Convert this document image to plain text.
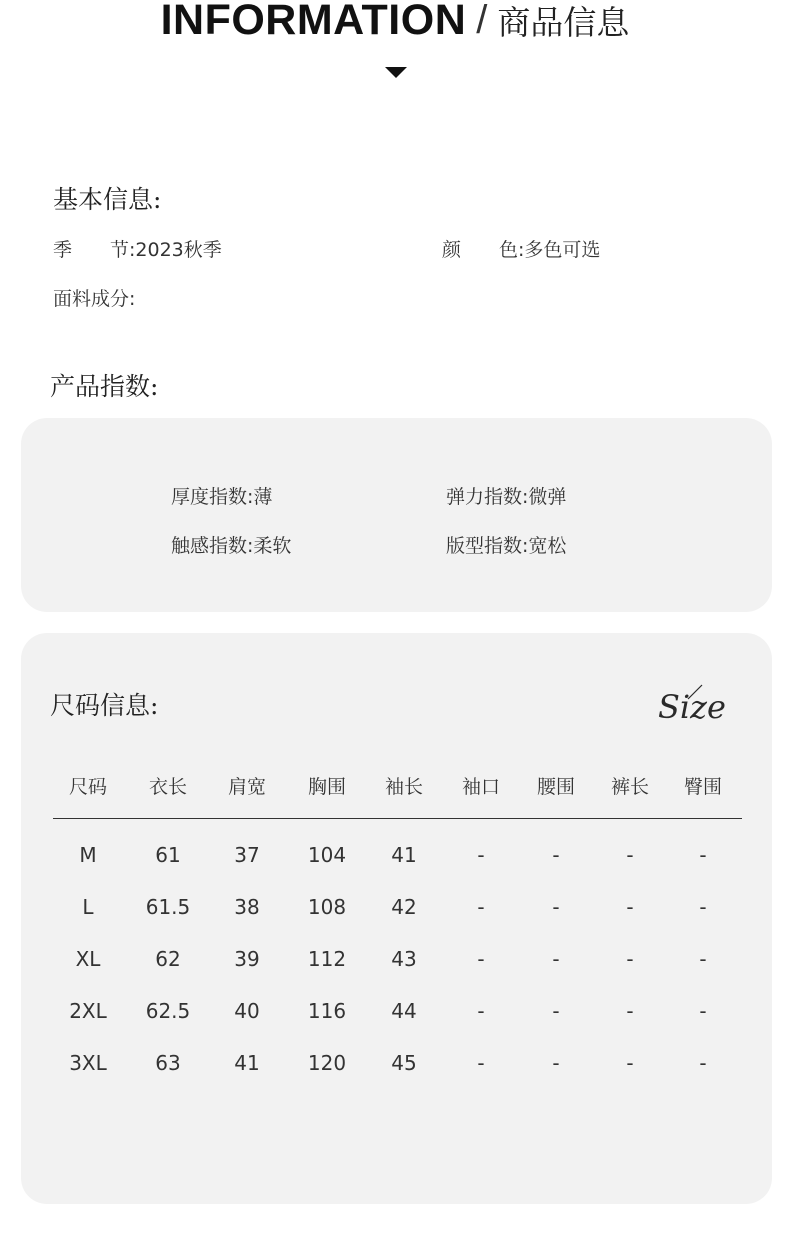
INFORMATION / 商品信息
基本信息:
季　　节:2023秋季	颜　　色:多色可选
面料成分:
产品指数:
厚度指数:薄	弹力指数:微弹
触感指数:柔软	版型指数:宽松
尺码信息:	Size
尺码 衣长 肩宽 胸围 袖长 袖口 腰围 裤长 臀围
M	61	37 104 41	-	-	-	-
L	61.5 38 108 42	-	-	-	-
XL	62	39 112 43	-	-	-	-
2XL 62.5 40 116 44	-	-	-	-
3XL 63	41 120 45	-	-	-	-
